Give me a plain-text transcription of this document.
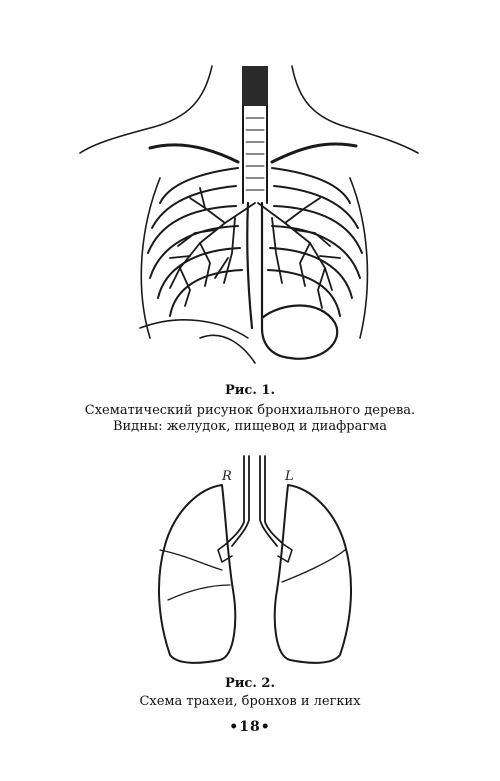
Рис. 1.
Схематический рисунок бронхиального дерева.
Видны: желудок, пищевод и диафрагма
R	L
Рис. 2.
Схема трахеи, бронхов и легких
•18•
